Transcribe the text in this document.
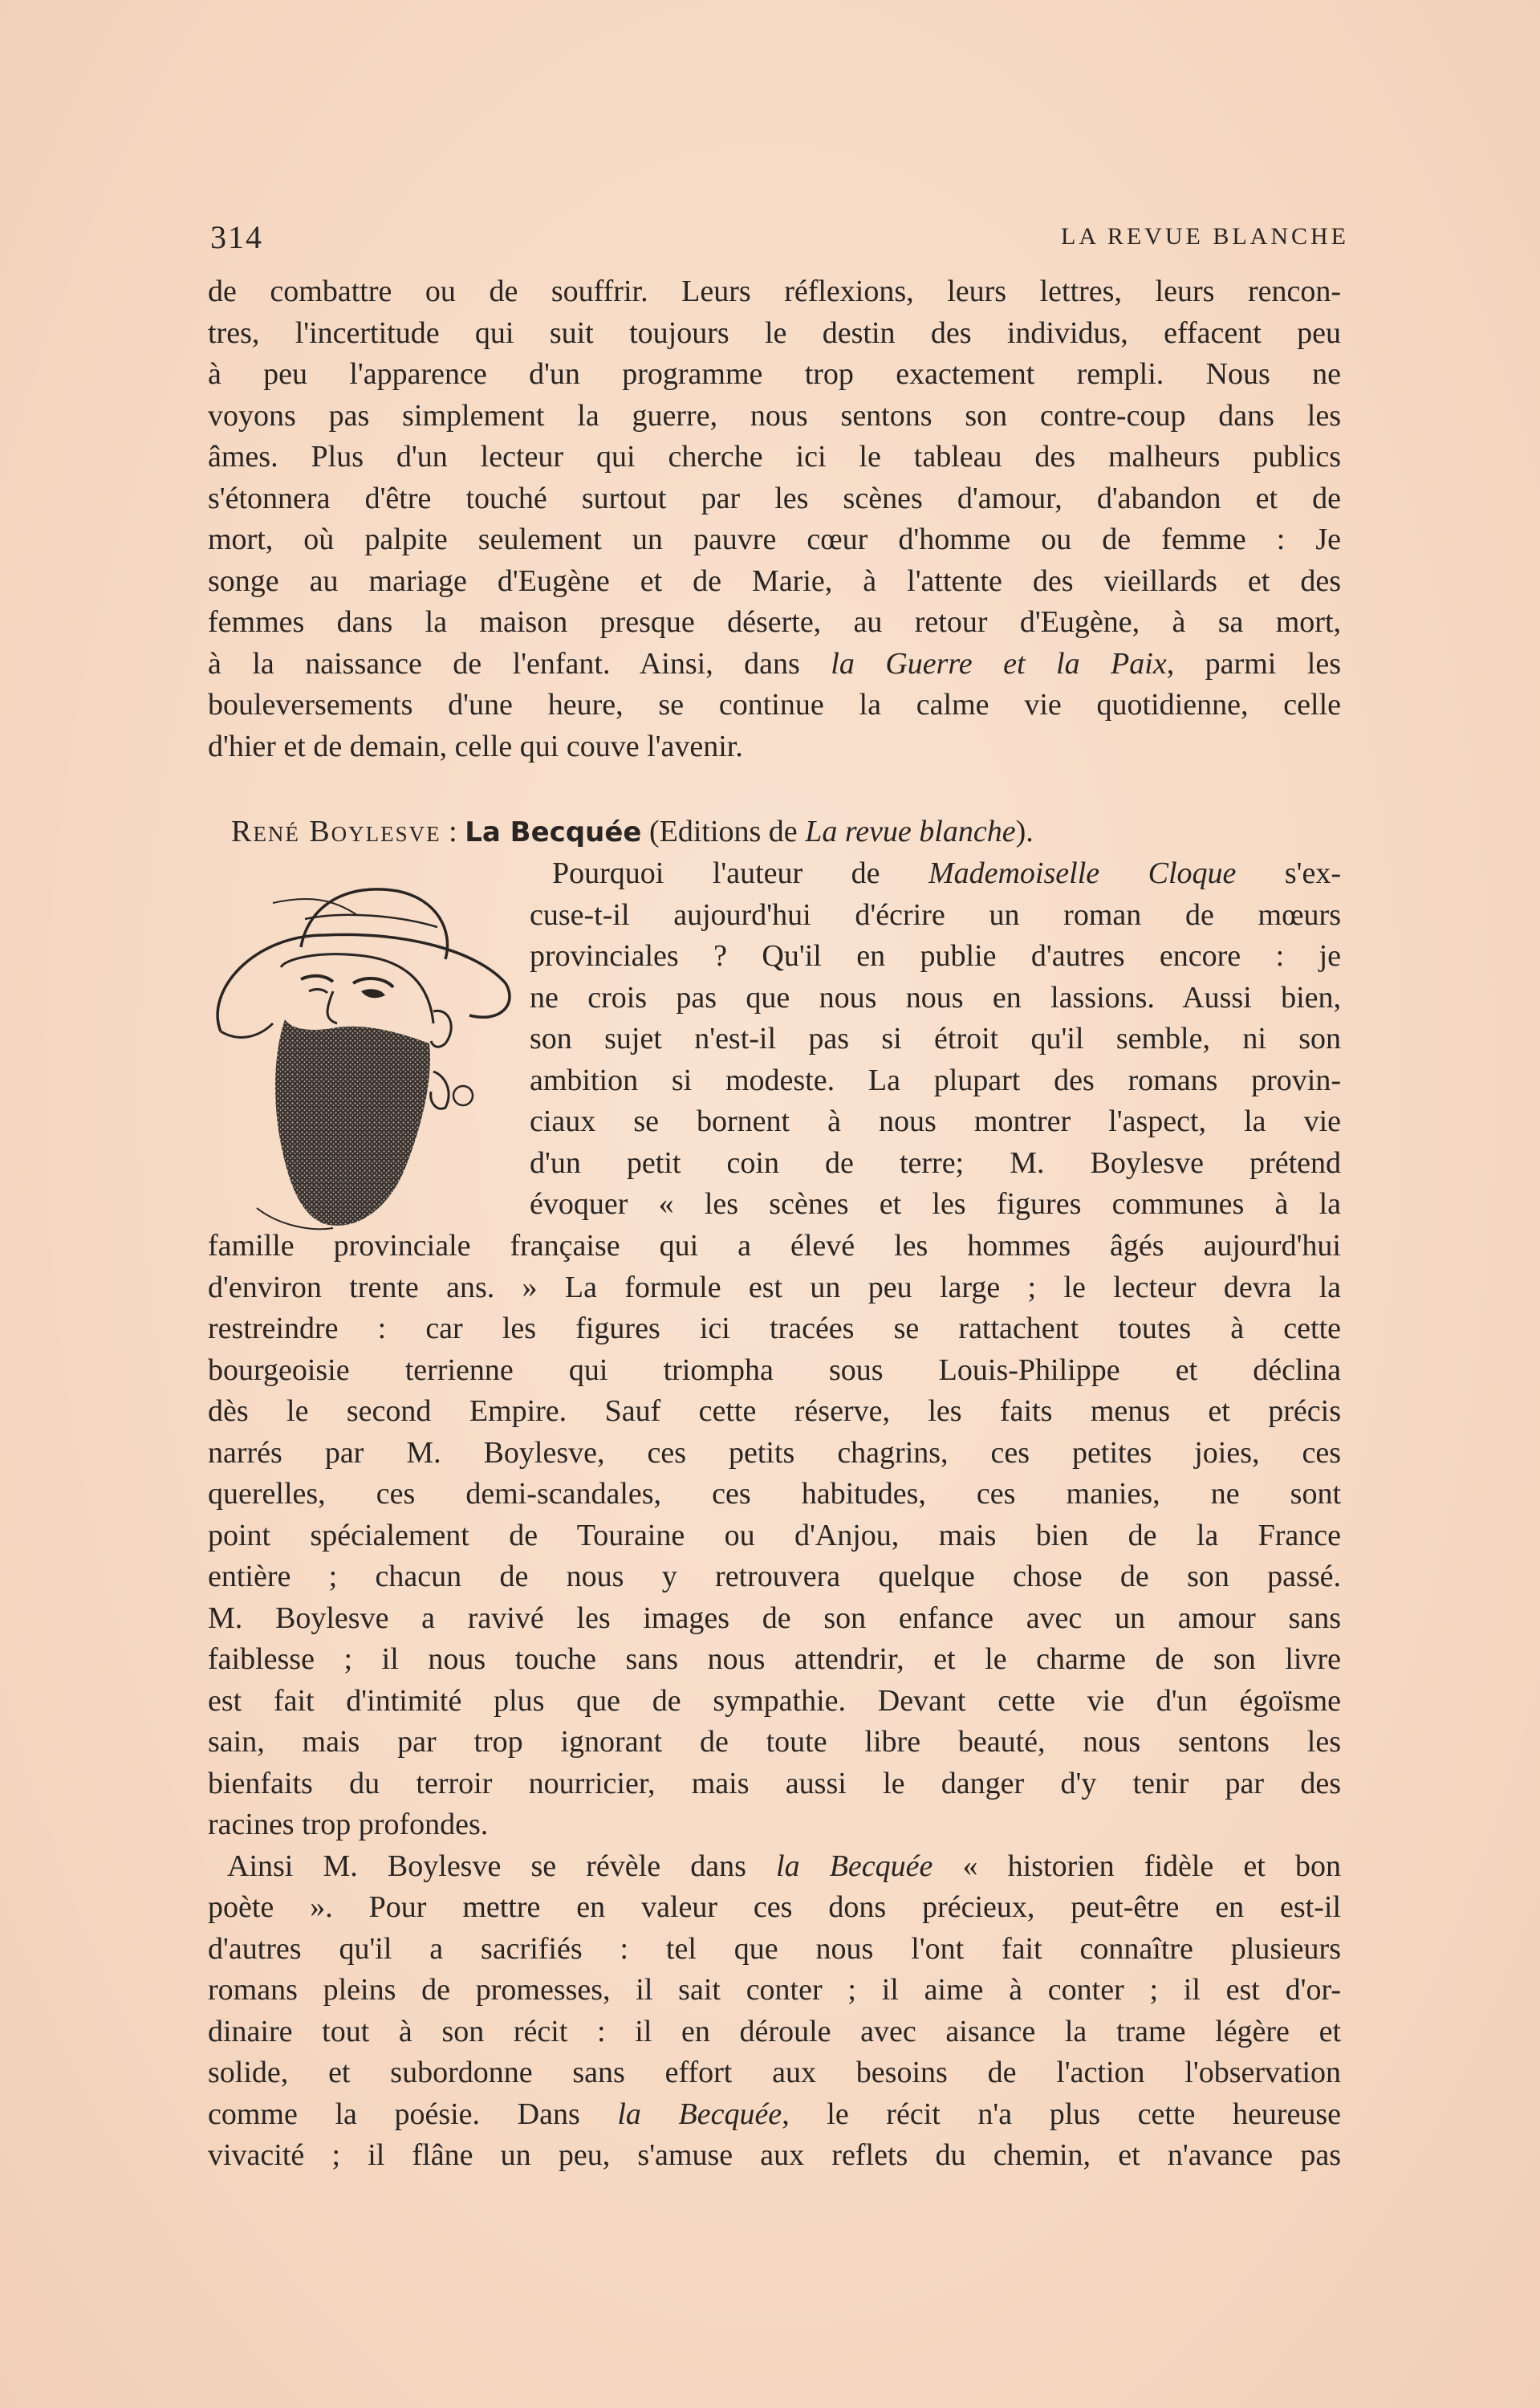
314	LA REVUE BLANCHE

de combattre ou de souffrir. Leurs réflexions, leurs lettres, leurs rencon-

tres, l'incertitude qui suit toujours le destin des individus, effacent peu

à peu l'apparence d'un programme trop exactement rempli. Nous ne

voyons pas simplement la guerre, nous sentons son contre-coup dans les

âmes. Plus d'un lecteur qui cherche ici le tableau des malheurs publics

s'étonnera d'être touché surtout par les scènes d'amour, d'abandon et de

mort, où palpite seulement un pauvre cœur d'homme ou de femme : Je

songe au mariage d'Eugène et de Marie, à l'attente des vieillards et des

femmes dans la maison presque déserte, au retour d'Eugène, à sa mort,

à la naissance de l'enfant. Ainsi, dans la Guerre et la Paix, parmi les

bouleversements d'une heure, se continue la calme vie quotidienne, celle

d'hier et de demain, celle qui couve l'avenir.

René Boylesve : La Becquée (Editions de La revue blanche).

Pourquoi l'auteur de Mademoiselle Cloque s'ex-

cuse-t-il aujourd'hui d'écrire un roman de mœurs

provinciales ? Qu'il en publie d'autres encore : je

ne crois pas que nous nous en lassions. Aussi bien,

son sujet n'est-il pas si étroit qu'il semble, ni son

ambition si modeste. La plupart des romans provin-

ciaux se bornent à nous montrer l'aspect, la vie

d'un petit coin de terre; M. Boylesve prétend

évoquer « les scènes et les figures communes à la

famille provinciale française qui a élevé les hommes âgés aujourd'hui

d'environ trente ans. » La formule est un peu large ; le lecteur devra la

restreindre : car les figures ici tracées se rattachent toutes à cette

bourgeoisie terrienne qui triompha sous Louis-Philippe et déclina

dès le second Empire. Sauf cette réserve, les faits menus et précis

narrés par M. Boylesve, ces petits chagrins, ces petites joies, ces

querelles, ces demi-scandales, ces habitudes, ces manies, ne sont

point spécialement de Touraine ou d'Anjou, mais bien de la France

entière ; chacun de nous y retrouvera quelque chose de son passé.

M. Boylesve a ravivé les images de son enfance avec un amour sans

faiblesse ; il nous touche sans nous attendrir, et le charme de son livre

est fait d'intimité plus que de sympathie. Devant cette vie d'un égoïsme

sain, mais par trop ignorant de toute libre beauté, nous sentons les

bienfaits du terroir nourricier, mais aussi le danger d'y tenir par des

racines trop profondes.

Ainsi M. Boylesve se révèle dans la Becquée « historien fidèle et bon

poète ». Pour mettre en valeur ces dons précieux, peut-être en est-il

d'autres qu'il a sacrifiés : tel que nous l'ont fait connaître plusieurs

romans pleins de promesses, il sait conter ; il aime à conter ; il est d'or-

dinaire tout à son récit : il en déroule avec aisance la trame légère et

solide, et subordonne sans effort aux besoins de l'action l'observation

comme la poésie. Dans la Becquée, le récit n'a plus cette heureuse

vivacité ; il flâne un peu, s'amuse aux reflets du chemin, et n'avance pas
